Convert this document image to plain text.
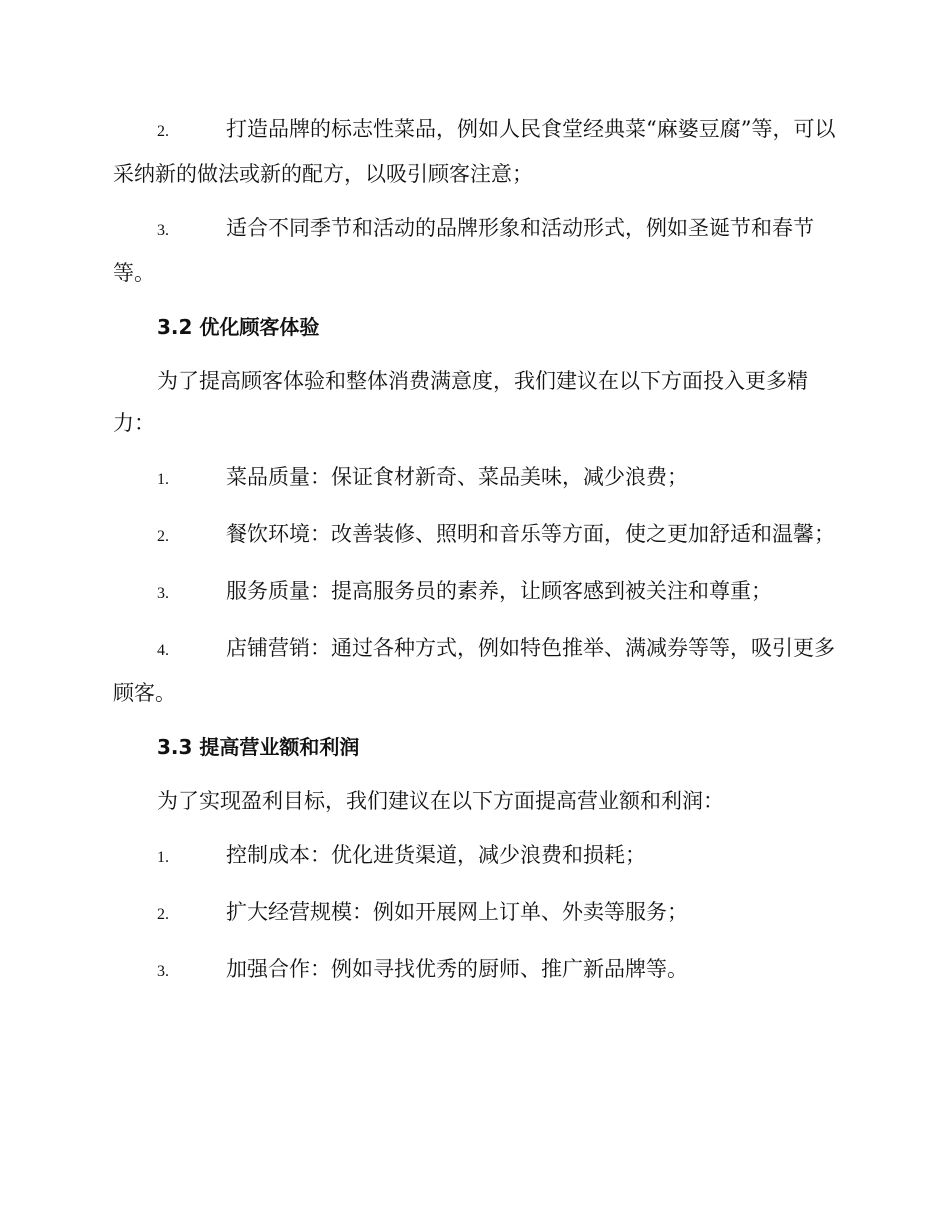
2.	打造品牌的标志性菜品，例如人民食堂经典菜“麻婆豆腐”等，可以采纳新的做法或新的配方，以吸引顾客注意；
3.	适合不同季节和活动的品牌形象和活动形式，例如圣诞节和春节等。
3.2 优化顾客体验
为了提高顾客体验和整体消费满意度，我们建议在以下方面投入更多精力：
1.	菜品质量：保证食材新奇、菜品美味，减少浪费；
2.	餐饮环境：改善装修、照明和音乐等方面，使之更加舒适和温馨；
3.	服务质量：提高服务员的素养，让顾客感到被关注和尊重；
4.	店铺营销：通过各种方式，例如特色推举、满减券等等，吸引更多顾客。
3.3 提高营业额和利润
为了实现盈利目标，我们建议在以下方面提高营业额和利润：
1.	控制成本：优化进货渠道，减少浪费和损耗；
2.	扩大经营规模：例如开展网上订单、外卖等服务；
3.	加强合作：例如寻找优秀的厨师、推广新品牌等。
